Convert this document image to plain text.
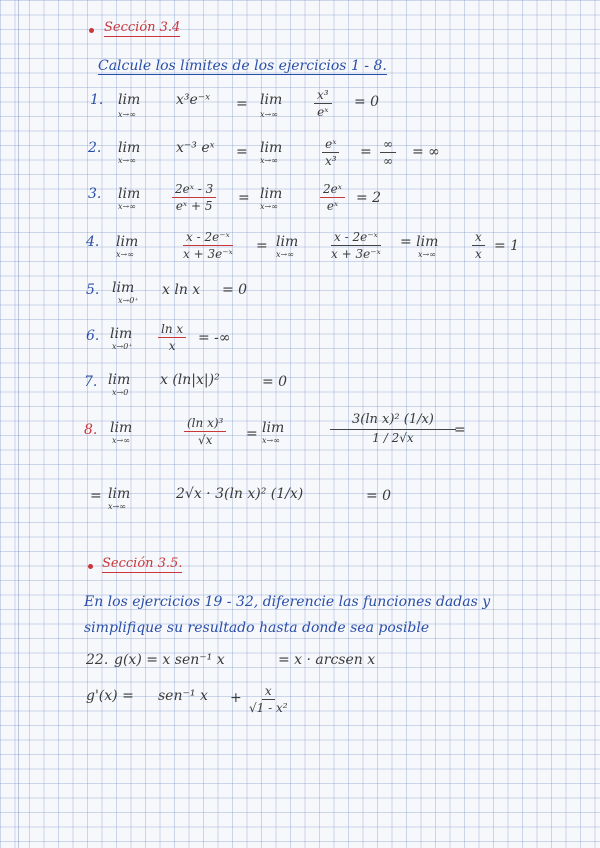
Sección 3.4
Calcule los límites de los ejercicios 1 - 8.
1. lim
x→∞
x³e⁻ˣ = lim
x→∞	$\frac{\text{x³}}{\text{eˣ}} = 0$
2. lim
x→∞
x⁻³ eˣ = lim
x→∞	$\frac{\text{eˣ}}{\text{x³}}$ = ∞
∞
= ∞
3. lim
x→∞	$\frac{\text{2eˣ - 3}}{\text{eˣ + 5}} = \lim$
x→∞	$\frac{\text{2eˣ}}{\text{eˣ}} = 2$
4. lim
x→∞	$\frac{\text{x - 2e⁻ˣ}}{\text{x + 3e⁻ˣ}} = \lim$
x→∞	$\frac{\text{x - 2e⁻ˣ}}{\text{x + 3e⁻ˣ}} = \lim$
x→∞	$\frac{x}{x} = 1$
5. lim
x→0⁺
x ln x = 0
6. lim
$x\to 0^+ \frac{\text{ln x}}{x}$ = -∞
7. lim
x→0
x (ln|x|)²	= 0
8. lim
x→∞	$\frac{\text{(ln x)³}}{√x} = \lim$
x→∞	$\frac{\text{3(ln x)² (1/x)}}{1 / 2√x}$
=
= lim
x→∞
2√x · 3(ln x)² (1/x)	= 0
Sección 3.5.
En los ejercicios 19 - 32, diferencie las funciones dadas y
simplifique su resultado hasta donde sea posible
22. g(x) = x sen⁻¹ x	= x · arcsen x
g'(x) = sen⁻¹ $x + \frac{x}{\text{√1 - x²}}$
